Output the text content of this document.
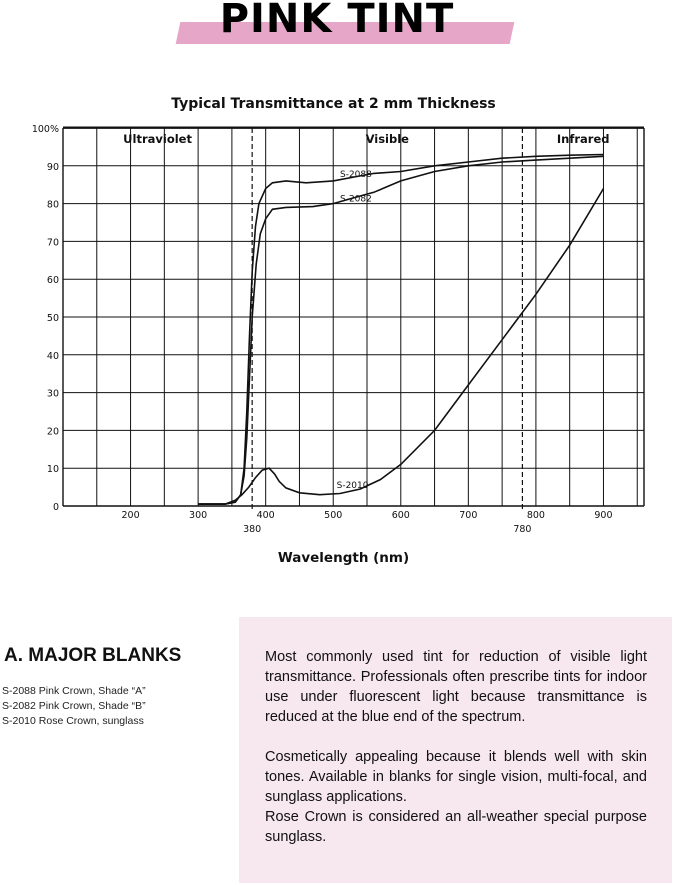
PINK TINT
Typical Transmittance at 2 mm Thickness
0
10
20
30
40
50
60
70
80
90
100%
200	300	400	500	600	700	800	900
380	780
Ultraviolet	Visible	Infrared
S-2088
S-2082
S-2010
Wavelength (nm)
A. MAJOR BLANKS
S-2088 Pink Crown, Shade “A”
S-2082 Pink Crown, Shade “B”
S-2010 Rose Crown, sunglass

Most commonly used tint for reduction of visible light transmittance. Professionals often prescribe tints for indoor use under fluorescent light because transmittance is reduced at the blue end of the spectrum.

Cosmetically appealing because it blends well with skin tones. Available in blanks for single vision, multi-focal, and sunglass applications.

Rose Crown is considered an all-weather special purpose sunglass.
